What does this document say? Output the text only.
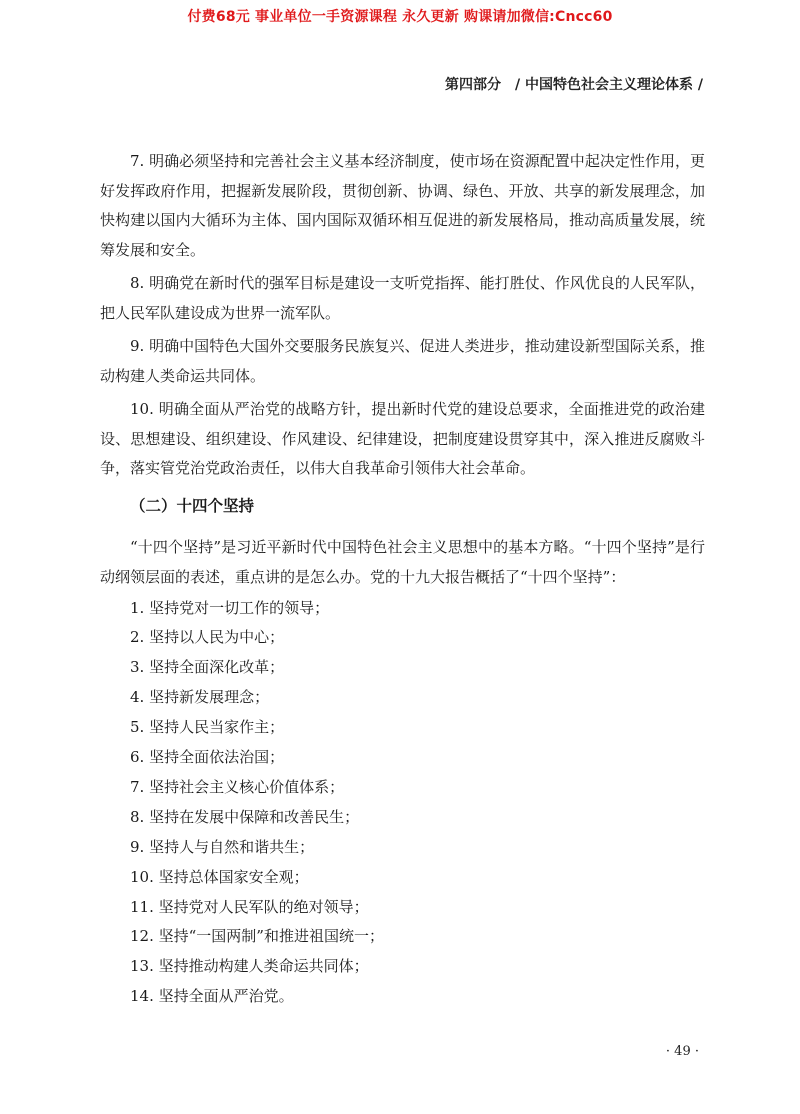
付费68元 事业单位一手资源课程 永久更新 购课请加微信:Cncc60
第四部分 / 中国特色社会主义理论体系 /

7. 明确必须坚持和完善社会主义基本经济制度，使市场在资源配置中起决定性作用，更好发挥政府作用，把握新发展阶段，贯彻创新、协调、绿色、开放、共享的新发展理念，加快构建以国内大循环为主体、国内国际双循环相互促进的新发展格局，推动高质量发展，统筹发展和安全。

8. 明确党在新时代的强军目标是建设一支听党指挥、能打胜仗、作风优良的人民军队，把人民军队建设成为世界一流军队。

9. 明确中国特色大国外交要服务民族复兴、促进人类进步，推动建设新型国际关系，推动构建人类命运共同体。

10. 明确全面从严治党的战略方针，提出新时代党的建设总要求，全面推进党的政治建设、思想建设、组织建设、作风建设、纪律建设，把制度建设贯穿其中，深入推进反腐败斗争，落实管党治党政治责任，以伟大自我革命引领伟大社会革命。

（二）十四个坚持

“十四个坚持”是习近平新时代中国特色社会主义思想中的基本方略。“十四个坚持”是行动纲领层面的表述，重点讲的是怎么办。党的十九大报告概括了“十四个坚持”：

1. 坚持党对一切工作的领导；
2. 坚持以人民为中心；
3. 坚持全面深化改革；
4. 坚持新发展理念；
5. 坚持人民当家作主；
6. 坚持全面依法治国；
7. 坚持社会主义核心价值体系；
8. 坚持在发展中保障和改善民生；
9. 坚持人与自然和谐共生；
10. 坚持总体国家安全观；
11. 坚持党对人民军队的绝对领导；
12. 坚持“一国两制”和推进祖国统一；
13. 坚持推动构建人类命运共同体；
14. 坚持全面从严治党。
· 49 ·
